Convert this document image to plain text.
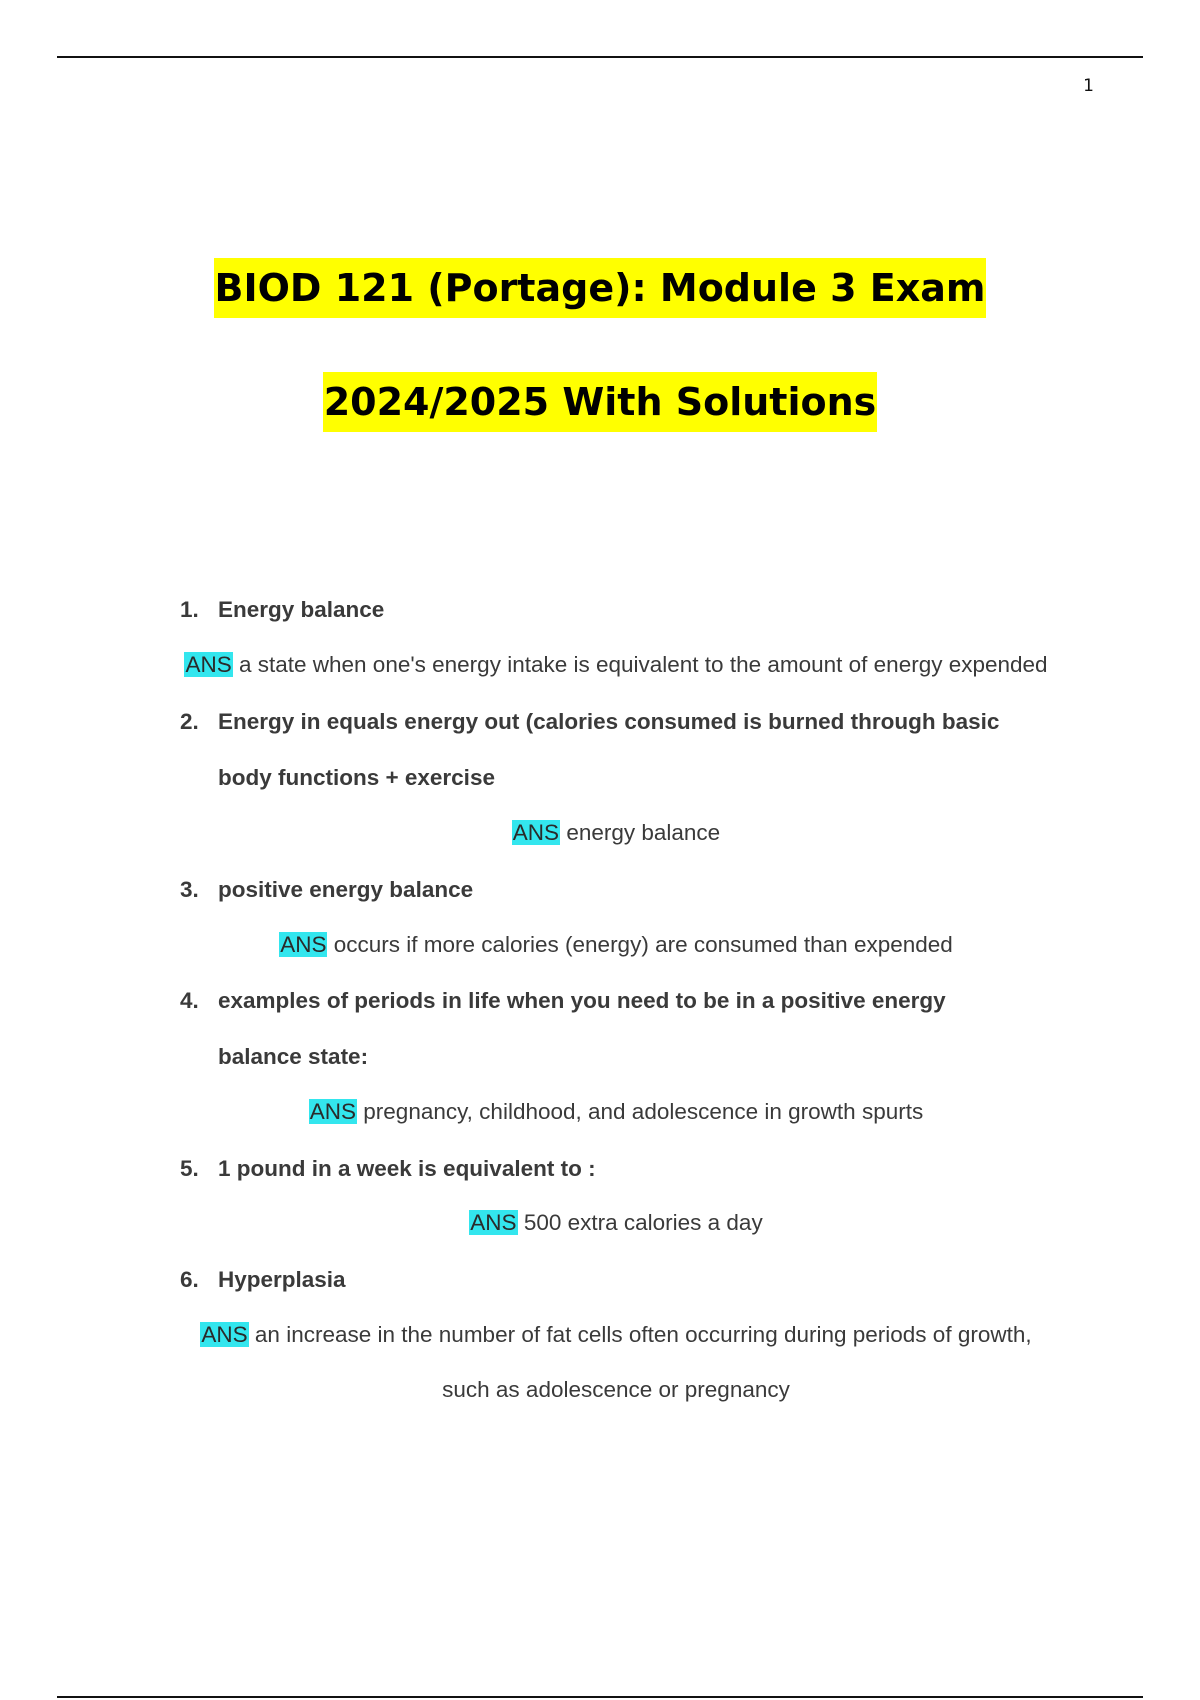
1
BIOD 121 (Portage): Module 3 Exam
2024/2025 With Solutions
1. Energy balance
ANS a state when one's energy intake is equivalent to the amount of energy expended
2. Energy in equals energy out (calories consumed is burned through basic
body functions + exercise
ANS energy balance
3. positive energy balance
ANS occurs if more calories (energy) are consumed than expended
4. examples of periods in life when you need to be in a positive energy
balance state:
ANS pregnancy, childhood, and adolescence in growth spurts
5. 1 pound in a week is equivalent to :
ANS 500 extra calories a day
6. Hyperplasia
ANS an increase in the number of fat cells often occurring during periods of growth,
such as adolescence or pregnancy
